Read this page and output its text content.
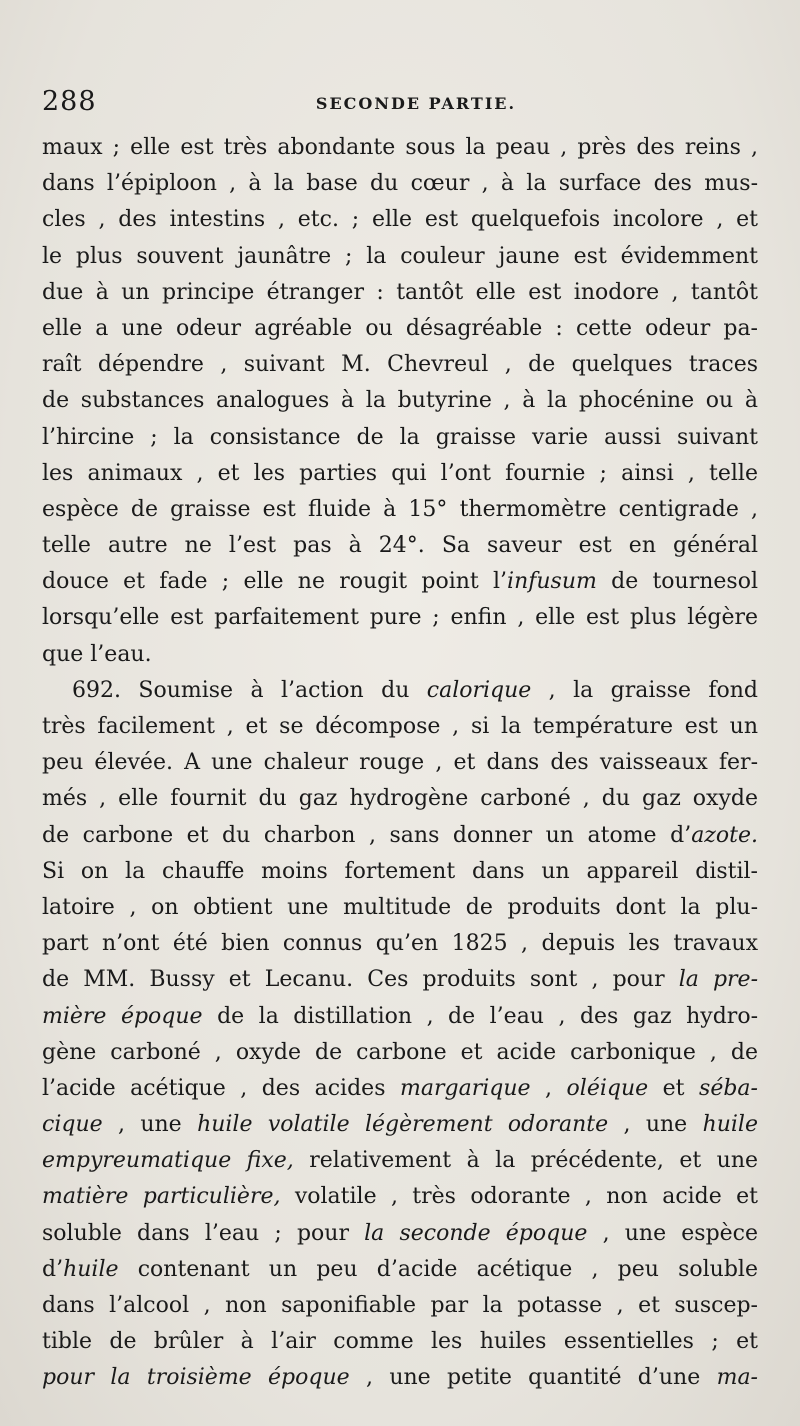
288	SECONDE PARTIE.
maux ; elle est très abondante sous la peau , près des reins ,
dans l’épiploon , à la base du cœur , à la surface des mus-
cles , des intestins , etc. ; elle est quelquefois incolore , et
le plus souvent jaunâtre ; la couleur jaune est évidemment
due à un principe étranger : tantôt elle est inodore , tantôt
elle a une odeur agréable ou désagréable : cette odeur pa-
raît dépendre , suivant M. Chevreul , de quelques traces
de substances analogues à la butyrine , à la phocénine ou à
l’hircine ; la consistance de la graisse varie aussi suivant
les animaux , et les parties qui l’ont fournie ; ainsi , telle
espèce de graisse est fluide à 15° thermomètre centigrade ,
telle autre ne l’est pas à 24°. Sa saveur est en général
douce et fade ; elle ne rougit point l’infusum de tournesol
lorsqu’elle est parfaitement pure ; enfin , elle est plus légère
que l’eau.
692. Soumise à l’action du calorique , la graisse fond
très facilement , et se décompose , si la température est un
peu élevée. A une chaleur rouge , et dans des vaisseaux fer-
més , elle fournit du gaz hydrogène carboné , du gaz oxyde
de carbone et du charbon , sans donner un atome d’azote.
Si on la chauffe moins fortement dans un appareil distil-
latoire , on obtient une multitude de produits dont la plu-
part n’ont été bien connus qu’en 1825 , depuis les travaux
de MM. Bussy et Lecanu. Ces produits sont , pour la pre-
mière époque de la distillation , de l’eau , des gaz hydro-
gène carboné , oxyde de carbone et acide carbonique , de
l’acide acétique , des acides margarique , oléique et séba-
cique , une huile volatile légèrement odorante , une huile
empyreumatique fixe, relativement à la précédente, et une
matière particulière, volatile , très odorante , non acide et
soluble dans l’eau ; pour la seconde époque , une espèce
d’huile contenant un peu d’acide acétique , peu soluble
dans l’alcool , non saponifiable par la potasse , et suscep-
tible de brûler à l’air comme les huiles essentielles ; et
pour la troisième époque , une petite quantité d’une ma-
